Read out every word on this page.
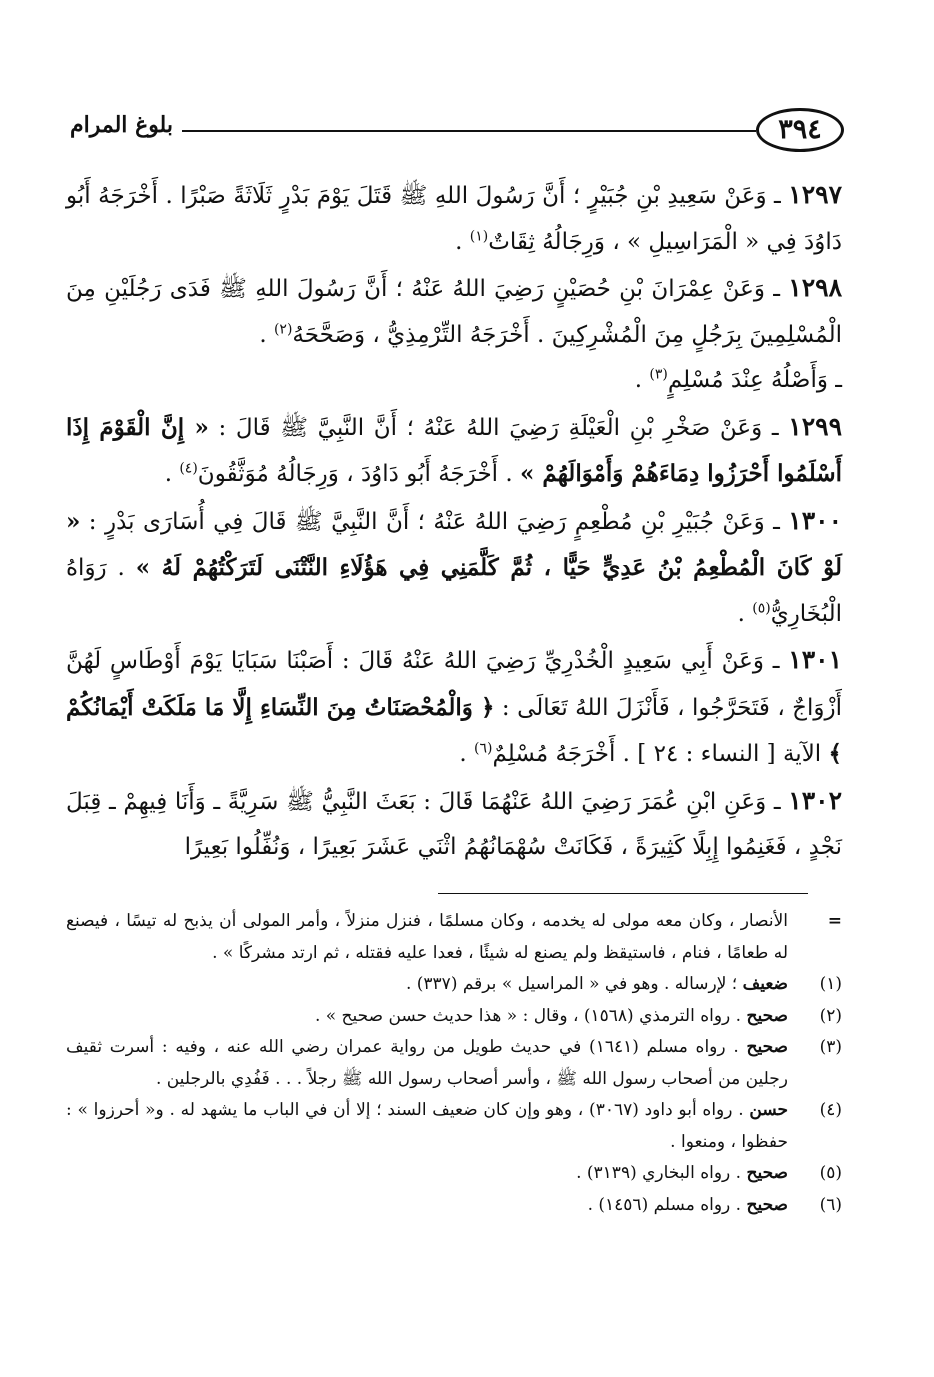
٣٩٤
بلوغ المرام

١٢٩٧ ـ وَعَنْ سَعِيدِ بْنِ جُبَيْرٍ ؛ أَنَّ رَسُولَ اللهِ ﷺ قَتَلَ يَوْمَ بَدْرٍ ثَلَاثَةً صَبْرًا . أَخْرَجَهُ أَبُو دَاوُدَ فِي « الْمَرَاسِيلِ » ، وَرِجَالُهُ ثِقَاتٌ$^{(١)}$ .

١٢٩٨ ـ وَعَنْ عِمْرَانَ بْنِ حُصَيْنٍ رَضِيَ اللهُ عَنْهُ ؛ أَنَّ رَسُولَ اللهِ ﷺ فَدَى رَجُلَيْنِ مِنَ الْمُسْلِمِينَ بِرَجُلٍ مِنَ الْمُشْرِكِينَ . أَخْرَجَهُ التِّرْمِذِيُّ ، وَصَحَّحَهُ$^{(٢)}$ .

ـ وَأَصْلُهُ عِنْدَ مُسْلِمٍ$^{(٣)}$ .

١٢٩٩ ـ وَعَنْ صَخْرِ بْنِ الْعَيْلَةِ رَضِيَ اللهُ عَنْهُ ؛ أَنَّ النَّبِيَّ ﷺ قَالَ : « إِنَّ الْقَوْمَ إِذَا أَسْلَمُوا أَحْرَزُوا دِمَاءَهُمْ وَأَمْوَالَهُمْ » . أَخْرَجَهُ أَبُو دَاوُدَ ، وَرِجَالُهُ مُوَثَّقُونَ$^{(٤)}$ .

١٣٠٠ ـ وَعَنْ جُبَيْرِ بْنِ مُطْعِمٍ رَضِيَ اللهُ عَنْهُ ؛ أَنَّ النَّبِيَّ ﷺ قَالَ فِي أُسَارَى بَدْرٍ : « لَوْ كَانَ الْمُطْعِمُ بْنُ عَدِيٍّ حَيًّا ، ثُمَّ كَلَّمَنِي فِي هَؤُلَاءِ النَّتْنَى لَتَرَكْتُهُمْ لَهُ » . رَوَاهُ الْبُخَارِيُّ$^{(٥)}$ .

١٣٠١ ـ وَعَنْ أَبِي سَعِيدٍ الْخُدْرِيِّ رَضِيَ اللهُ عَنْهُ قَالَ : أَصَبْنَا سَبَايَا يَوْمَ أَوْطَاسٍ لَهُنَّ أَزْوَاجٌ ، فَتَحَرَّجُوا ، فَأَنْزَلَ اللهُ تَعَالَى : ﴿ وَالْمُحْصَنَاتُ مِنَ النِّسَاءِ إِلَّا مَا مَلَكَتْ أَيْمَانُكُمْ ﴾ الآية [ النساء : ٢٤ ] . أَخْرَجَهُ مُسْلِمٌ$^{(٦)}$ .

١٣٠٢ ـ وَعَنِ ابْنِ عُمَرَ رَضِيَ اللهُ عَنْهُمَا قَالَ : بَعَثَ النَّبِيُّ ﷺ سَرِيَّةً ـ وَأَنَا فِيهِمْ ـ قِبَلَ نَجْدٍ ، فَغَنِمُوا إِبِلًا كَثِيرَةً ، فَكَانَتْ سُهْمَانُهُمُ اثْنَي عَشَرَ بَعِيرًا ، وَنُفِّلُوا بَعِيرًا

=
الأنصار ، وكان معه مولى له يخدمه ، وكان مسلمًا ، فنزل منزلاً ، وأمر المولى أن يذبح له تيسًا ، فيصنع له طعامًا ، فنام ، فاستيقظ ولم يصنع له شيئًا ، فعدا عليه فقتله ، ثم ارتد مشركًا » .
(١)
ضعيف ؛ لإرساله . وهو في « المراسيل » برقم (٣٣٧) .
(٢)
صحيح . رواه الترمذي (١٥٦٨) ، وقال : « هذا حديث حسن صحيح » .
(٣)
صحيح . رواه مسلم (١٦٤١) في حديث طويل من رواية عمران رضي الله عنه ، وفيه : أسرت ثقيف رجلين من أصحاب رسول الله ﷺ ، وأسر أصحاب رسول الله ﷺ رجلاً . . . فَفُدِي بالرجلين .
(٤)
حسن . رواه أبو داود (٣٠٦٧) ، وهو وإن كان ضعيف السند ؛ إلا أن في الباب ما يشهد له . و« أحرزوا » : حفظوا ، ومنعوا .
(٥)
صحيح . رواه البخاري (٣١٣٩) .
(٦)
صحيح . رواه مسلم (١٤٥٦) .
